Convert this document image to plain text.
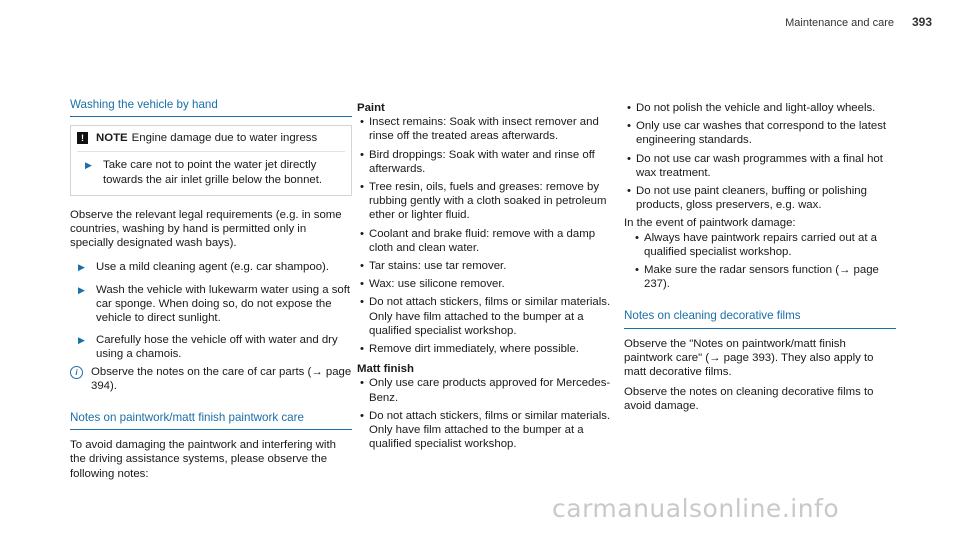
Maintenance and care 393
Washing the vehicle by hand
!	NOTE Engine damage due to water ingress
▶ Take care not to point the water jet directly towards the air inlet grille below the bonnet.

Observe the relevant legal requirements (e.g. in some countries, washing by hand is permitted only in specially designated wash bays).

▶ Use a mild cleaning agent (e.g. car shampoo).
▶ Wash the vehicle with lukewarm water using a soft car sponge. When doing so, do not expose the vehicle to direct sunlight.
▶ Carefully hose the vehicle off with water and dry using a chamois.
i	Observe the notes on the care of car parts (→ page 394).
Notes on paintwork/matt finish paintwork care

To avoid damaging the paintwork and interfering with the driving assistance systems, please observe the following notes:

Paint
• Insect remains: Soak with insect remover and rinse off the treated areas afterwards.
• Bird droppings: Soak with water and rinse off afterwards.
• Tree resin, oils, fuels and greases: remove by rubbing gently with a cloth soaked in petroleum ether or lighter fluid.
• Coolant and brake fluid: remove with a damp cloth and clean water.
• Tar stains: use tar remover.
• Wax: use silicone remover.
• Do not attach stickers, films or similar materials. Only have film attached to the bumper at a qualified specialist workshop.
• Remove dirt immediately, where possible.
Matt finish
• Only use care products approved for Mercedes-Benz.
• Do not attach stickers, films or similar materials. Only have film attached to the bumper at a qualified specialist workshop.
• Do not polish the vehicle and light-alloy wheels.
• Only use car washes that correspond to the latest engineering standards.
• Do not use car wash programmes with a final hot wax treatment.
• Do not use paint cleaners, buffing or polishing products, gloss preservers, e.g. wax.

In the event of paintwork damage:

• Always have paintwork repairs carried out at a qualified specialist workshop.
• Make sure the radar sensors function (→ page 237).
Notes on cleaning decorative films

Observe the "Notes on paintwork/matt finish paintwork care" (→ page 393). They also apply to matt decorative films.

Observe the notes on cleaning decorative films to avoid damage.

carmanualsonline.info
